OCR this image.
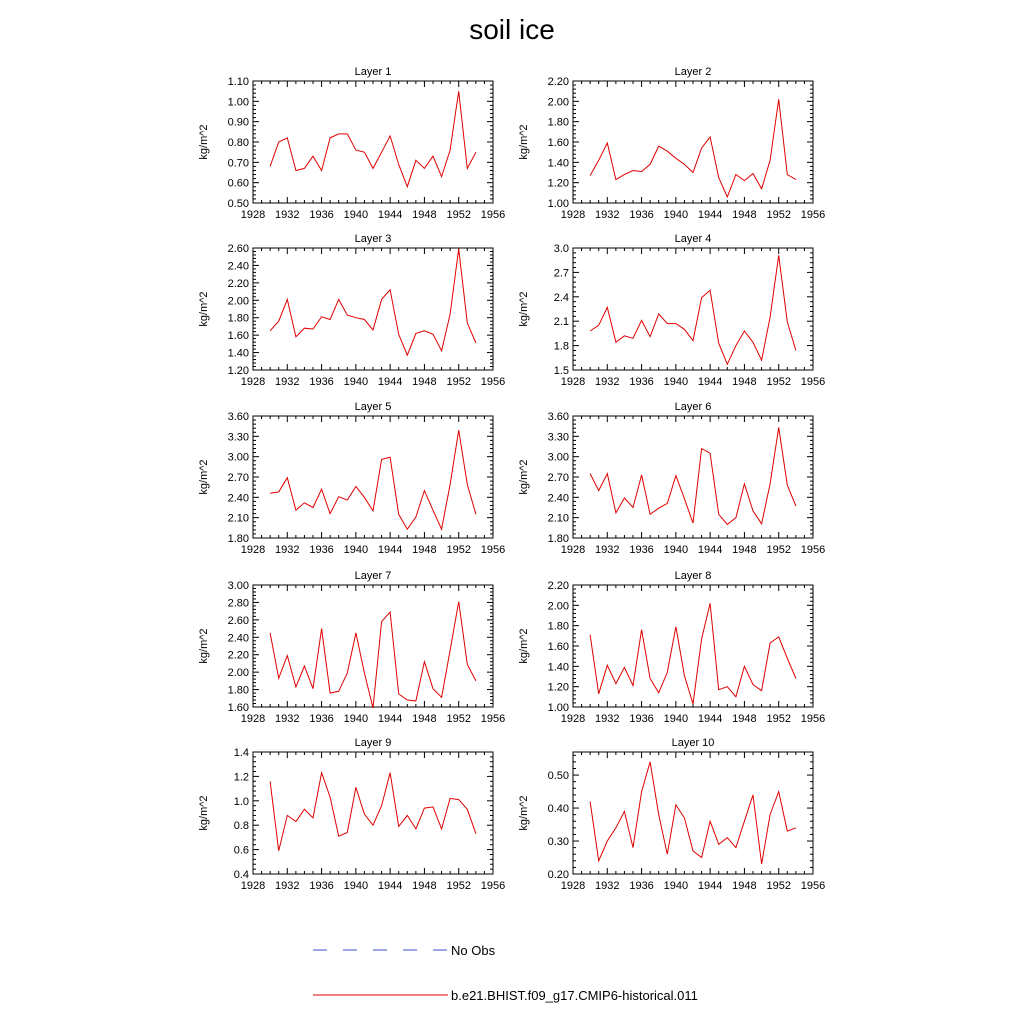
soil ice
Layer 1
kg/m^2
1928 1932 1936 1940 1944 1948 1952 1956
0.50
0.60
0.70
0.80
0.90
1.00
1.10
Layer 2
kg/m^2
1928 1932 1936 1940 1944 1948 1952 1956
1.00
1.20
1.40
1.60
1.80
2.00
2.20
Layer 3
kg/m^2
1928 1932 1936 1940 1944 1948 1952 1956
1.20
1.40
1.60
1.80
2.00
2.20
2.40
2.60
Layer 4
kg/m^2
1928 1932 1936 1940 1944 1948 1952 1956
1.5
1.8
2.1
2.4
2.7
3.0
Layer 5
kg/m^2
1928 1932 1936 1940 1944 1948 1952 1956
1.80
2.10
2.40
2.70
3.00
3.30
3.60
Layer 6
kg/m^2
1928 1932 1936 1940 1944 1948 1952 1956
1.80
2.10
2.40
2.70
3.00
3.30
3.60
Layer 7
kg/m^2
1928 1932 1936 1940 1944 1948 1952 1956
1.60
1.80
2.00
2.20
2.40
2.60
2.80
3.00
Layer 8
kg/m^2
1928 1932 1936 1940 1944 1948 1952 1956
1.00
1.20
1.40
1.60
1.80
2.00
2.20
Layer 9
kg/m^2
1928 1932 1936 1940 1944 1948 1952 1956
0.4
0.6
0.8
1.0
1.2
1.4
Layer 10
kg/m^2
1928 1932 1936 1940 1944 1948 1952 1956
0.20
0.30
0.40
0.50
No Obs
b.e21.BHIST.f09_g17.CMIP6-historical.011
